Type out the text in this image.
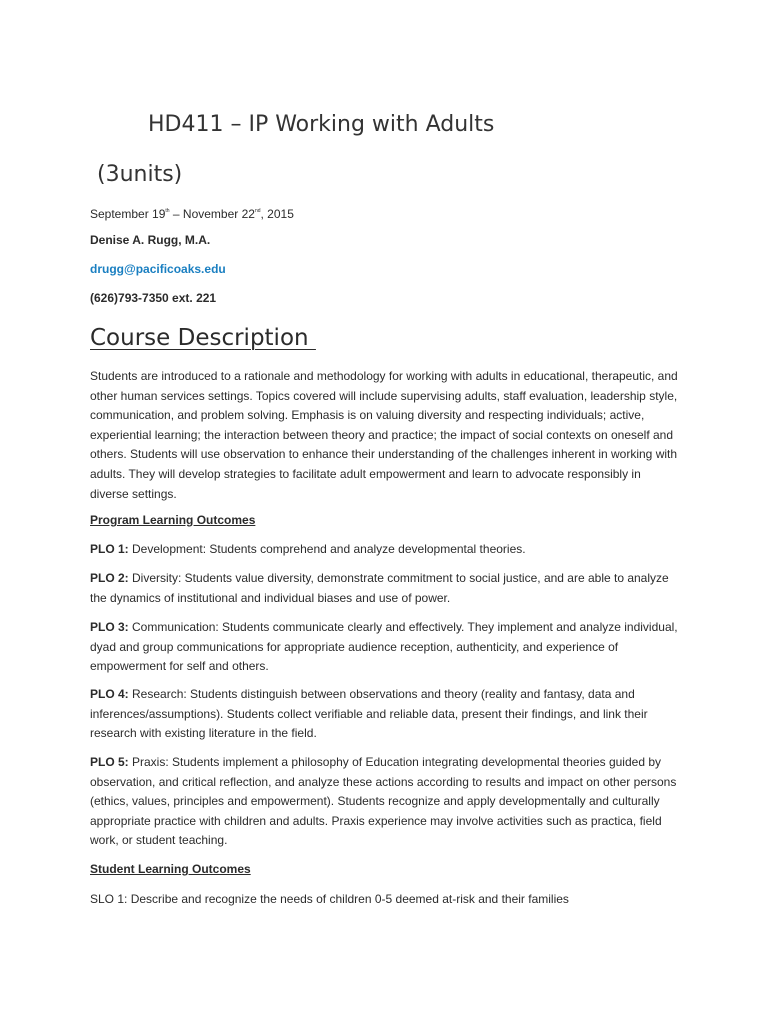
HD411 – IP Working with Adults
(3units)
September 19th – November 22nd, 2015
Denise A. Rugg, M.A.
drugg@pacificoaks.edu
(626)793-7350 ext. 221
Course Description
Students are introduced to a rationale and methodology for working with adults in educational, therapeutic, and other human services settings. Topics covered will include supervising adults, staff evaluation, leadership style, communication, and problem solving. Emphasis is on valuing diversity and respecting individuals; active, experiential learning; the interaction between theory and practice; the impact of social contexts on oneself and others. Students will use observation to enhance their understanding of the challenges inherent in working with adults. They will develop strategies to facilitate adult empowerment and learn to advocate responsibly in diverse settings.
Program Learning Outcomes
PLO 1: Development: Students comprehend and analyze developmental theories.
PLO 2: Diversity: Students value diversity, demonstrate commitment to social justice, and are able to analyze the dynamics of institutional and individual biases and use of power.
PLO 3: Communication: Students communicate clearly and effectively. They implement and analyze individual, dyad and group communications for appropriate audience reception, authenticity, and experience of empowerment for self and others.
PLO 4: Research: Students distinguish between observations and theory (reality and fantasy, data and inferences/assumptions). Students collect verifiable and reliable data, present their findings, and link their research with existing literature in the field.
PLO 5: Praxis: Students implement a philosophy of Education integrating developmental theories guided by observation, and critical reflection, and analyze these actions according to results and impact on other persons (ethics, values, principles and empowerment). Students recognize and apply developmentally and culturally appropriate practice with children and adults. Praxis experience may involve activities such as practica, field work, or student teaching.
Student Learning Outcomes
SLO 1: Describe and recognize the needs of children 0-5 deemed at-risk and their families
